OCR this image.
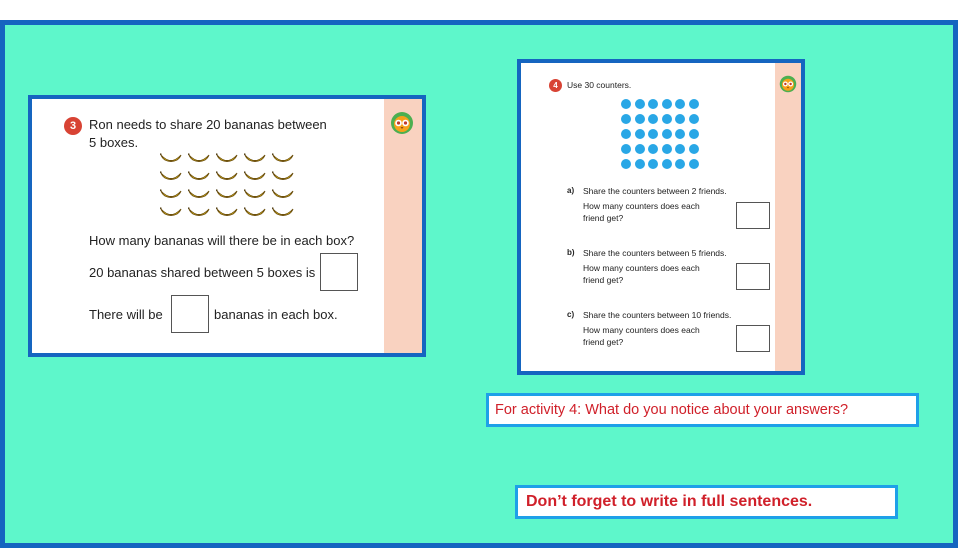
3 Ron needs to share 20 bananas between
5 boxes.
How many bananas will there be in each box?
20 bananas shared between 5 boxes is
There will be	bananas in each box.
4	Use 30 counters.
a) Share the counters between 2 friends.
How many counters does each
friend get?
b) Share the counters between 5 friends.
How many counters does each
friend get?
c) Share the counters between 10 friends.
How many counters does each
friend get?
For activity 4: What do you notice about your answers?
Don’t forget to write in full sentences.
